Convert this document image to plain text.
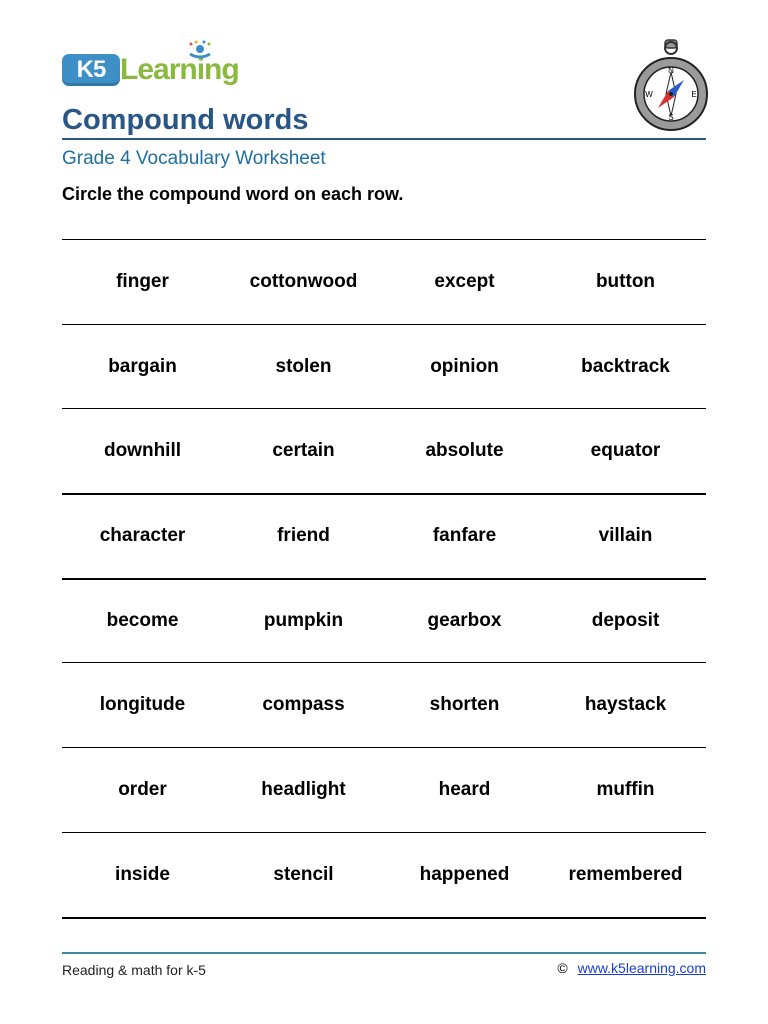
K5 Learning	N
E
S
W
Compound words
Grade 4 Vocabulary Worksheet
Circle the compound word on each row.
finger	cottonwood	except	button
bargain	stolen	opinion	backtrack
downhill	certain	absolute	equator
character	friend	fanfare	villain
become	pumpkin	gearbox	deposit
longitude	compass	shorten	haystack
order	headlight	heard	muffin
inside	stencil	happened	remembered
Reading & math for k-5	© www.k5learning.com
